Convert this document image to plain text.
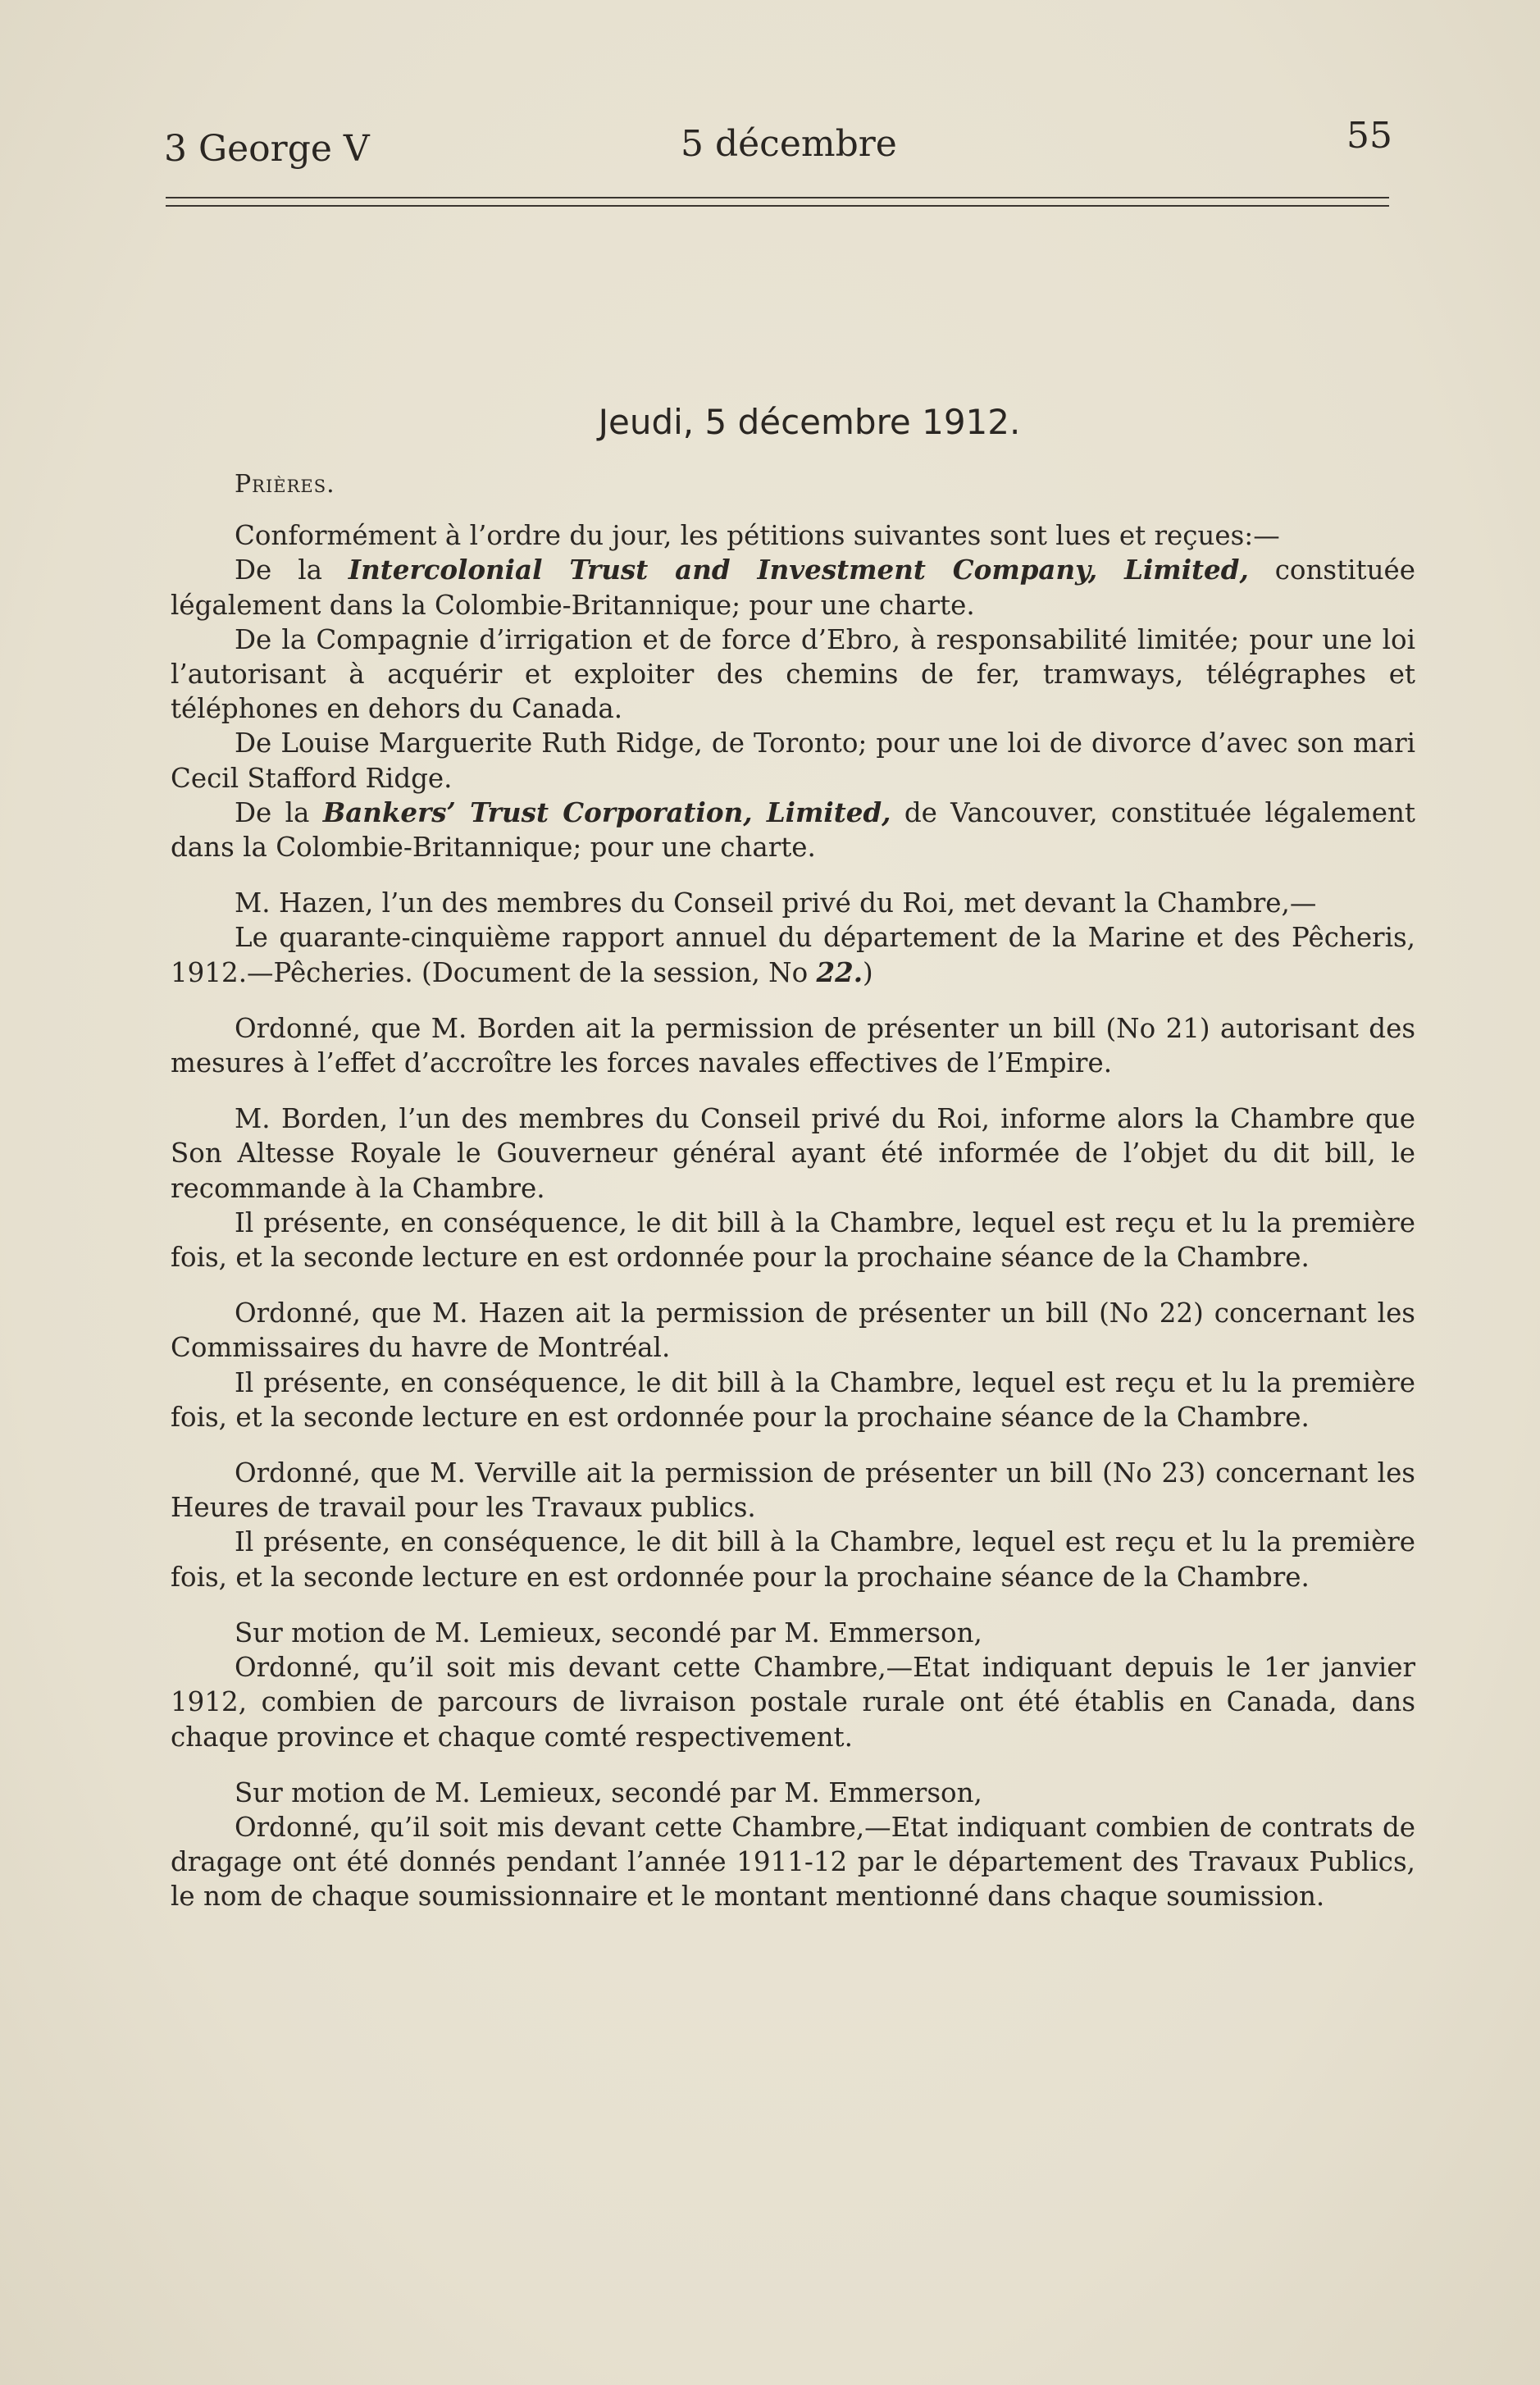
3 George V	5 décembre	55
Jeudi, 5 décembre 1912.
Prières.

Conformément à l’ordre du jour, les pétitions suivantes sont lues et reçues:—

De la Intercolonial Trust and Investment Company, Limited, constituée légalement dans la Colombie-Britannique; pour une charte.

De la Compagnie d’irrigation et de force d’Ebro, à responsabilité limitée; pour une loi l’autorisant à acquérir et exploiter des chemins de fer, tramways, télégraphes et téléphones en dehors du Canada.

De Louise Marguerite Ruth Ridge, de Toronto; pour une loi de divorce d’avec son mari Cecil Stafford Ridge.

De la Bankers’ Trust Corporation, Limited, de Vancouver, constituée légalement dans la Colombie-Britannique; pour une charte.

M. Hazen, l’un des membres du Conseil privé du Roi, met devant la Chambre,—

Le quarante-cinquième rapport annuel du département de la Marine et des Pêcheris, 1912.—Pêcheries. (Document de la session, No 22.)

Ordonné, que M. Borden ait la permission de présenter un bill (No 21) autorisant des mesures à l’effet d’accroître les forces navales effectives de l’Empire.

M. Borden, l’un des membres du Conseil privé du Roi, informe alors la Chambre que Son Altesse Royale le Gouverneur général ayant été informée de l’objet du dit bill, le recommande à la Chambre.

Il présente, en conséquence, le dit bill à la Chambre, lequel est reçu et lu la première fois, et la seconde lecture en est ordonnée pour la prochaine séance de la Chambre.

Ordonné, que M. Hazen ait la permission de présenter un bill (No 22) concernant les Commissaires du havre de Montréal.

Il présente, en conséquence, le dit bill à la Chambre, lequel est reçu et lu la première fois, et la seconde lecture en est ordonnée pour la prochaine séance de la Chambre.

Ordonné, que M. Verville ait la permission de présenter un bill (No 23) concernant les Heures de travail pour les Travaux publics.

Il présente, en conséquence, le dit bill à la Chambre, lequel est reçu et lu la première fois, et la seconde lecture en est ordonnée pour la prochaine séance de la Chambre.

Sur motion de M. Lemieux, secondé par M. Emmerson,

Ordonné, qu’il soit mis devant cette Chambre,—Etat indiquant depuis le 1er janvier 1912, combien de parcours de livraison postale rurale ont été établis en Canada, dans chaque province et chaque comté respectivement.

Sur motion de M. Lemieux, secondé par M. Emmerson,

Ordonné, qu’il soit mis devant cette Chambre,—Etat indiquant combien de contrats de dragage ont été donnés pendant l’année 1911-12 par le département des Travaux Publics, le nom de chaque soumissionnaire et le montant mentionné dans chaque soumission.
